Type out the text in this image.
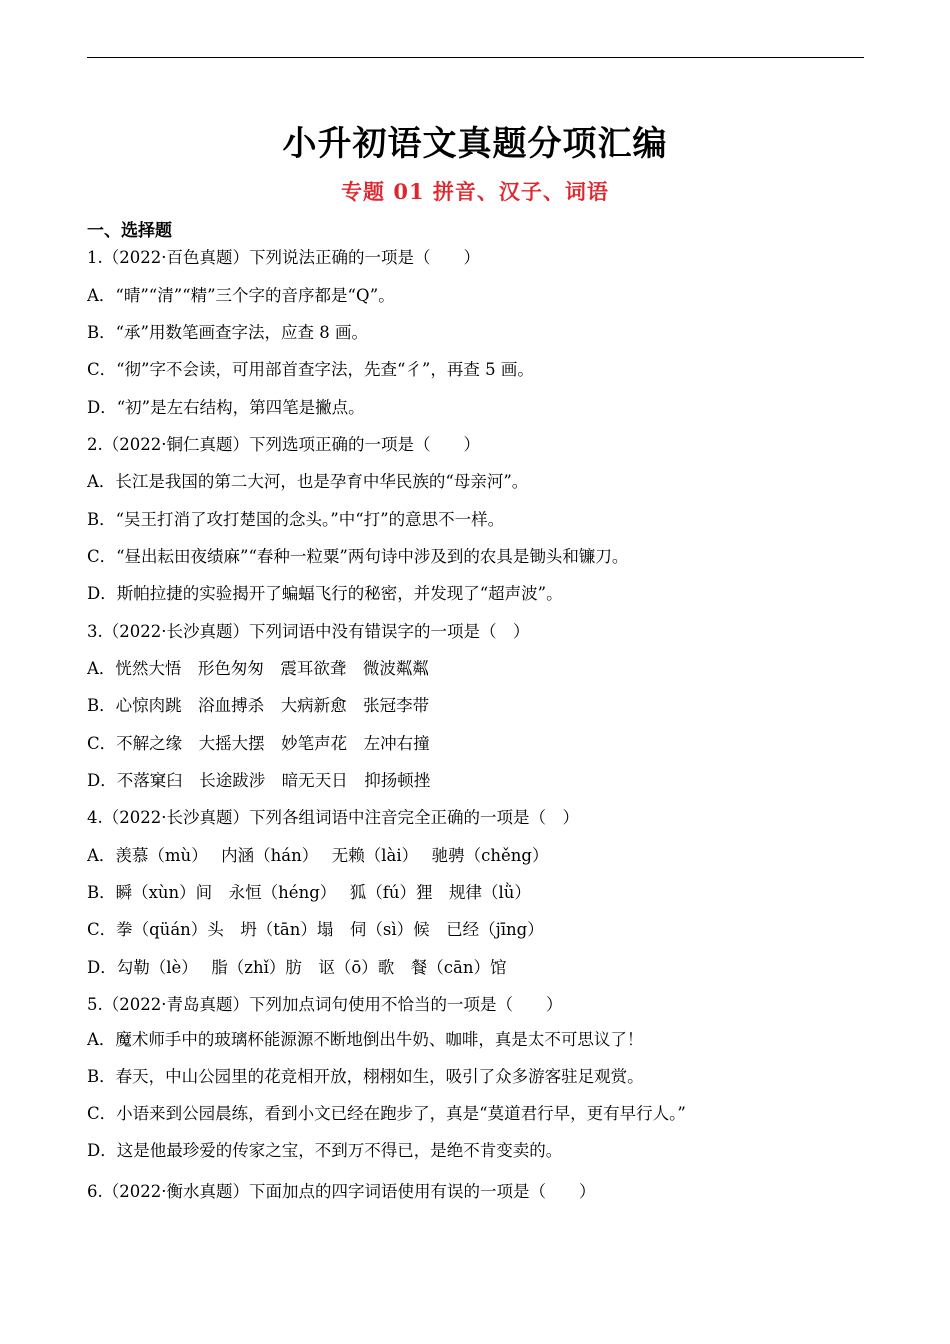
小升初语文真题分项汇编
专题 01 拼音、汉子、词语
一、选择题

1.（2022·百色真题）下列说法正确的一项是（　　）

A．“晴”“清”“精”三个字的音序都是“Q”。

B．“承”用数笔画查字法，应查 8 画。

C．“彻”字不会读，可用部首查字法，先查“彳”，再查 5 画。

D．“初”是左右结构，第四笔是撇点。

2.（2022·铜仁真题）下列选项正确的一项是（　　）

A．长江是我国的第二大河，也是孕育中华民族的“母亲河”。

B．“吴王打消了攻打楚国的念头。”中“打”的意思不一样。

C．“昼出耘田夜绩麻”“春种一粒粟”两句诗中涉及到的农具是锄头和镰刀。

D．斯帕拉捷的实验揭开了蝙蝠飞行的秘密，并发现了“超声波”。

3.（2022·长沙真题）下列词语中没有错误字的一项是（　）

A．恍然大悟　形色匆匆　震耳欲聋　微波粼粼

B．心惊肉跳　浴血搏杀　大病新愈　张冠李带

C．不解之缘　大摇大摆　妙笔声花　左冲右撞

D．不落窠臼　长途跋涉　暗无天日　抑扬顿挫

4.（2022·长沙真题）下列各组词语中注音完全正确的一项是（　）

A．羡慕（mù）　 内涵（hán）　 无赖（lài）　 驰骋（chěng）

B．瞬（xùn）间　永恒（héng）　 狐（fú）狸　规律（lǜ）

C．拳（qüán）头　坍（tān）塌　伺（sì）候　已经（jīng）

D．勾勒（lè）　 脂（zhǐ）肪　讴（ō）歌　餐（cān）馆

5.（2022·青岛真题）下列加点词句使用不恰当的一项是（　　）

A．魔术师手中的玻璃杯能源源不断地倒出牛奶、咖啡，真是太不可思议了！

B．春天，中山公园里的花竞相开放，栩栩如生，吸引了众多游客驻足观赏。

C．小语来到公园晨练，看到小文已经在跑步了，真是“莫道君行早，更有早行人。”

D．这是他最珍爱的传家之宝，不到万不得已，是绝不肯变卖的。

6.（2022·衡水真题）下面加点的四字词语使用有误的一项是（　　）
